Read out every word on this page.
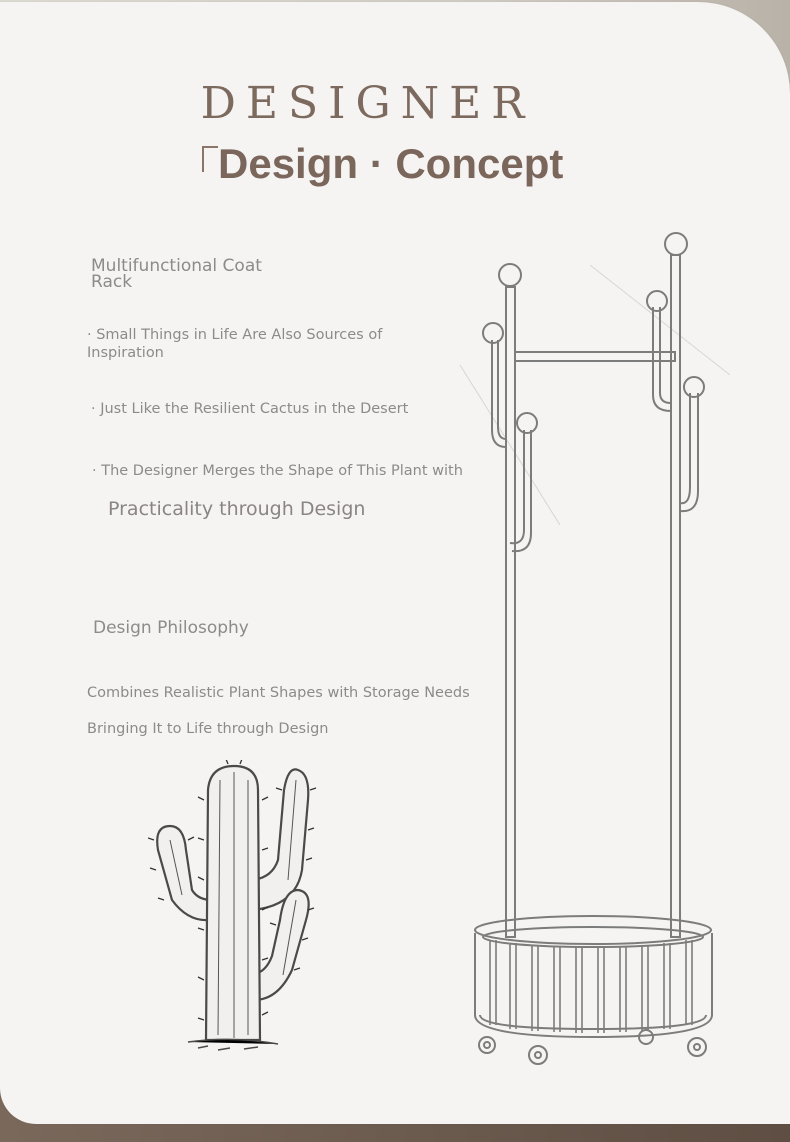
DESIGNER
Design · Concept
Multifunctional Coat Rack
· Small Things in Life Are Also Sources of Inspiration
· Just Like the Resilient Cactus in the Desert
· The Designer Merges the Shape of This Plant with
Practicality through Design
Design Philosophy
Combines Realistic Plant Shapes with Storage Needs
Bringing It to Life through Design
